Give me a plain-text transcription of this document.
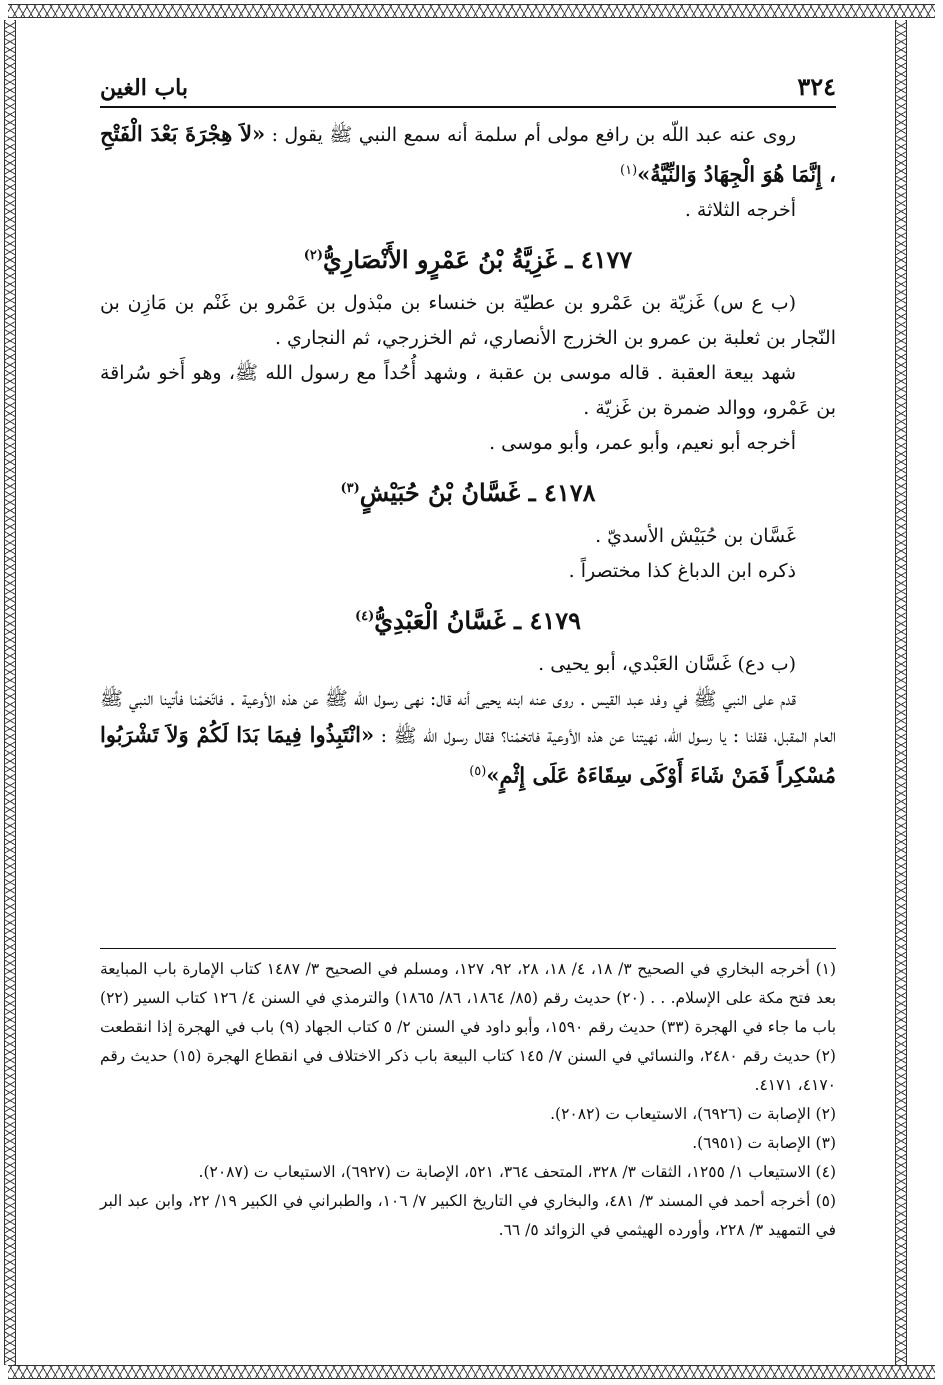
٣٢٤
باب الغين

روى عنه عبد اللّه بن رافع مولى أم سلمة أنه سمع النبي ﷺ يقول : «لاَ هِجْرَةَ بَعْدَ الْفَتْحِ ، إِنَّمَا هُوَ الْجِهَادُ وَالنِّيَّةُ»$^{(١)}$

أخرجه الثلاثة .

٤١٧٧ ـ غَزِيَّةُ بْنُ عَمْرٍو الأَنْصَارِيُّ$^{(٢)}$

(ب ع س) غَزيّة بن عَمْرو بن عطيّة بن خنساء بن مبْذول بن عَمْرو بن غَنْم بن مَازِن بن النّجار بن ثعلبة بن عمرو بن الخزرج الأنصاري، ثم الخزرجي، ثم النجاري .

شهد بيعة العقبة . قاله موسى بن عقبة ، وشهد أُحُداً مع رسول الله ﷺ، وهو أَخو سُراقة بن عَمْرو، ووالد ضمرة بن غَزيّة .

أخرجه أبو نعيم، وأبو عمر، وأبو موسى .

٤١٧٨ ـ غَسَّانُ بْنُ حُبَيْشٍ$^{(٣)}$

غَسَّان بن حُبَيْش الأسديّ .

ذكره ابن الدباغ كذا مختصراً .

٤١٧٩ ـ غَسَّانُ الْعَبْدِيُّ$^{(٤)}$

(ب دع) غَسَّان العَبْدي، أبو يحيى .

قدم على النبي ﷺ في وفد عبد القيس . روى عنه ابنه يحيى أنه قال: نهى رسول الله ﷺ عن هذه الأوعية . فاتّخمْنا فأتينا النبي ﷺ العام المقبل، فقلنا : يا رسول الله، نهيتنا عن هذه الأوعية فاتخمْنا؟ فقال رسول الله ﷺ : «انْتَبِذُوا فِيمَا بَدَا لَكُمْ وَلاَ تَشْرَبُوا مُسْكِراً فَمَنْ شَاءَ أَوْكَى سِقَاءَهُ عَلَى إِثْمٍ»$^{(٥)}$

(١) أخرجه البخاري في الصحيح ٣/ ١٨، ٤/ ١٨، ٢٨، ٩٢، ١٢٧، ومسلم في الصحيح ٣/ ١٤٨٧ كتاب الإمارة باب المبايعة بعد فتح مكة على الإسلام. . . (٢٠) حديث رقم (٨٥/ ١٨٦٤، ٨٦/ ١٨٦٥) والترمذي في السنن ٤/ ١٢٦ كتاب السير (٢٢) باب ما جاء في الهجرة (٣٣) حديث رقم ١٥٩٠، وأبو داود في السنن ٢/ ٥ كتاب الجهاد (٩) باب في الهجرة إذا انقطعت (٢) حديث رقم ٢٤٨٠، والنسائي في السنن ٧/ ١٤٥ كتاب البيعة باب ذكر الاختلاف في انقطاع الهجرة (١٥) حديث رقم ٤١٧٠، ٤١٧١.

(٢) الإصابة ت (٦٩٢٦)، الاستيعاب ت (٢٠٨٢).

(٣) الإصابة ت (٦٩٥١).

(٤) الاستيعاب ١/ ١٢٥٥، الثقات ٣/ ٣٢٨، المتحف ٣٦٤، ٥٢١، الإصابة ت (٦٩٢٧)، الاستيعاب ت (٢٠٨٧).

(٥) أخرجه أحمد في المسند ٣/ ٤٨١، والبخاري في التاريخ الكبير ٧/ ١٠٦، والطبراني في الكبير ١٩/ ٢٢، وابن عبد البر في التمهيد ٣/ ٢٢٨، وأورده الهيثمي في الزوائد ٥/ ٦٦.
